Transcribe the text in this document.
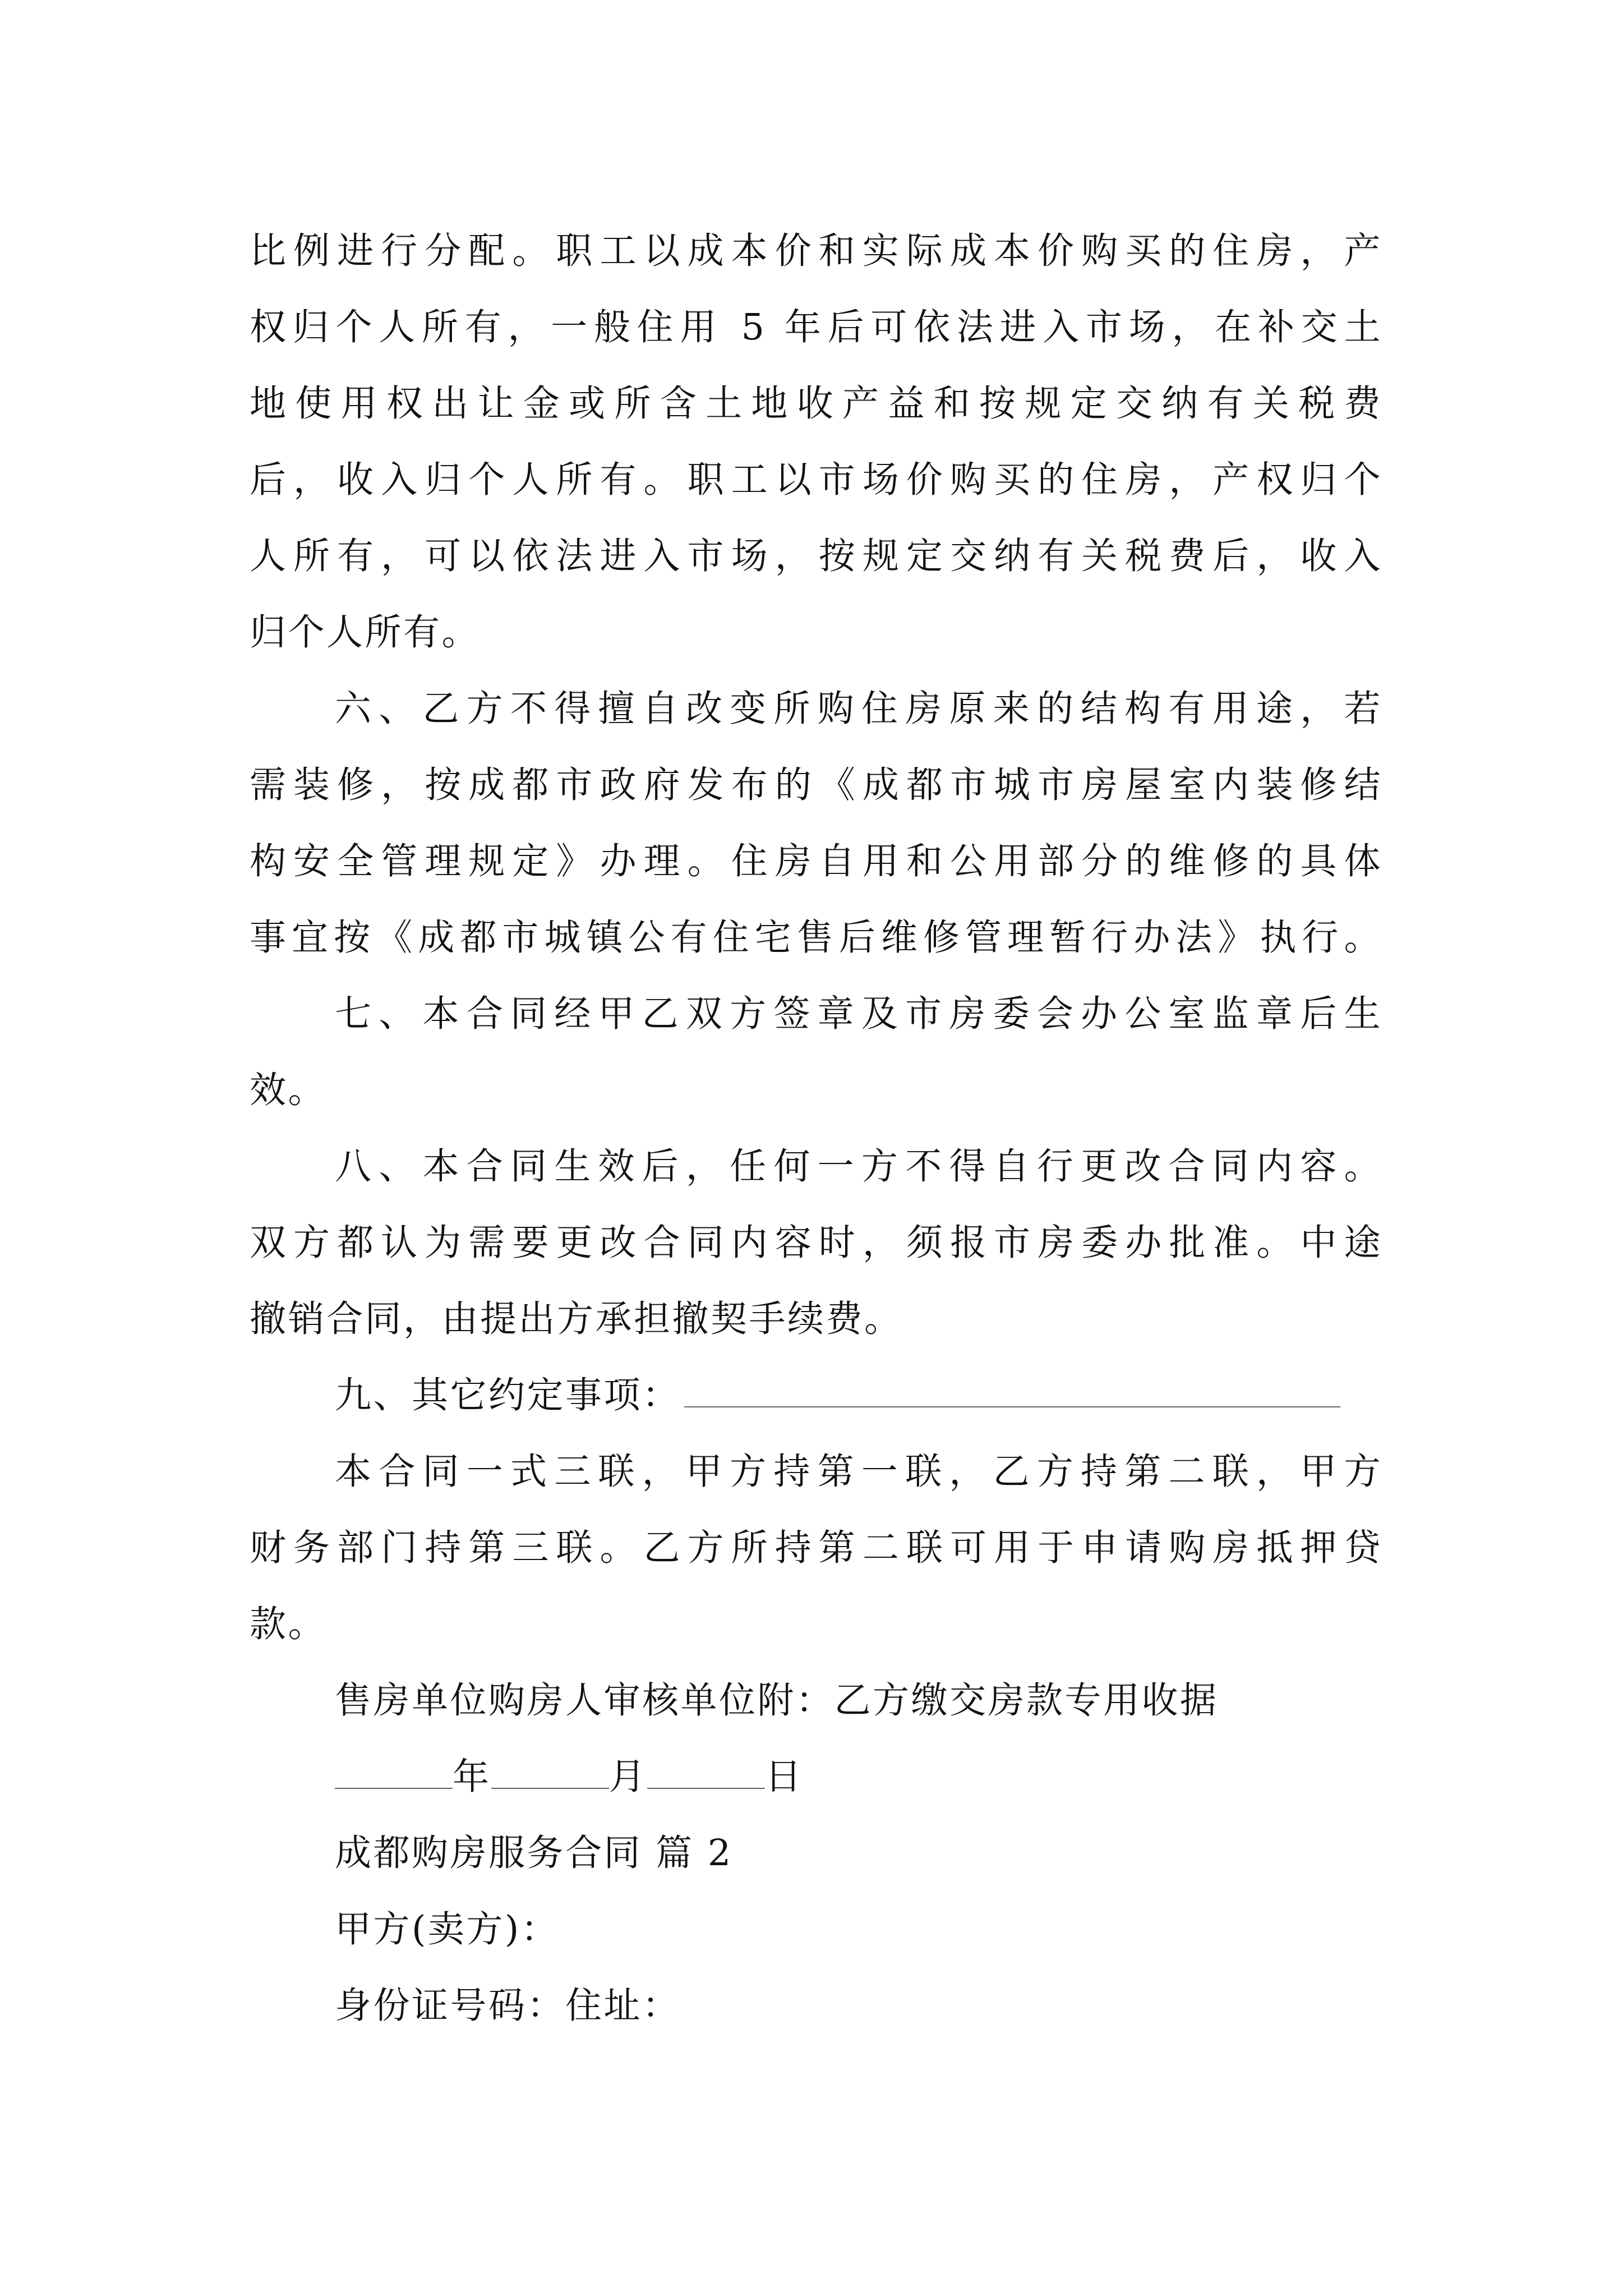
比例进行分配。职工以成本价和实际成本价购买的住房，产
权归个人所有，一般住用 5 年后可依法进入市场，在补交土
地使用权出让金或所含土地收产益和按规定交纳有关税费
后，收入归个人所有。职工以市场价购买的住房，产权归个
人所有，可以依法进入市场，按规定交纳有关税费后，收入
归个人所有。
六、乙方不得擅自改变所购住房原来的结构有用途，若
需装修，按成都市政府发布的《成都市城市房屋室内装修结
构安全管理规定》办理。住房自用和公用部分的维修的具体
事宜按《成都市城镇公有住宅售后维修管理暂行办法》执行。
七、本合同经甲乙双方签章及市房委会办公室监章后生
效。
八、本合同生效后，任何一方不得自行更改合同内容。
双方都认为需要更改合同内容时，须报市房委办批准。中途
撤销合同，由提出方承担撤契手续费。
九、其它约定事项：
本合同一式三联，甲方持第一联，乙方持第二联，甲方
财务部门持第三联。乙方所持第二联可用于申请购房抵押贷
款。
售房单位购房人审核单位附：乙方缴交房款专用收据
年	月	日
成都购房服务合同 篇 2
甲方(卖方)：
身份证号码：住址：
